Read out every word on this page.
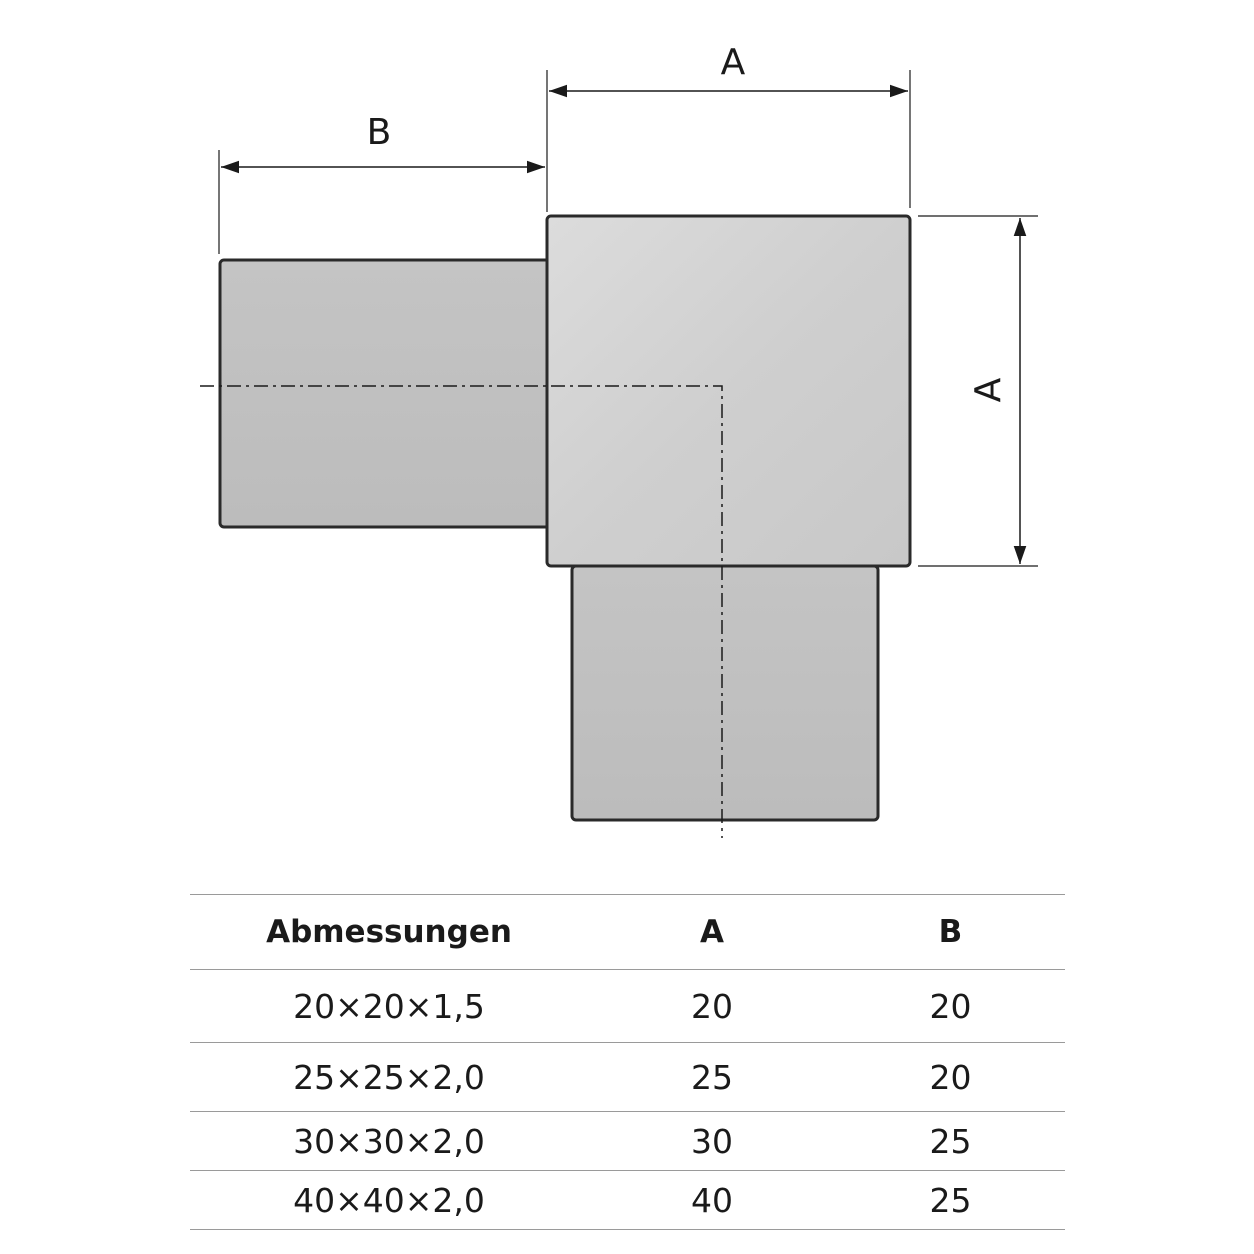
A
B
A
Abmessungen	A	B
20×20×1,5	20	20
25×25×2,0	25	20
30×30×2,0	30	25
40×40×2,0	40	25
